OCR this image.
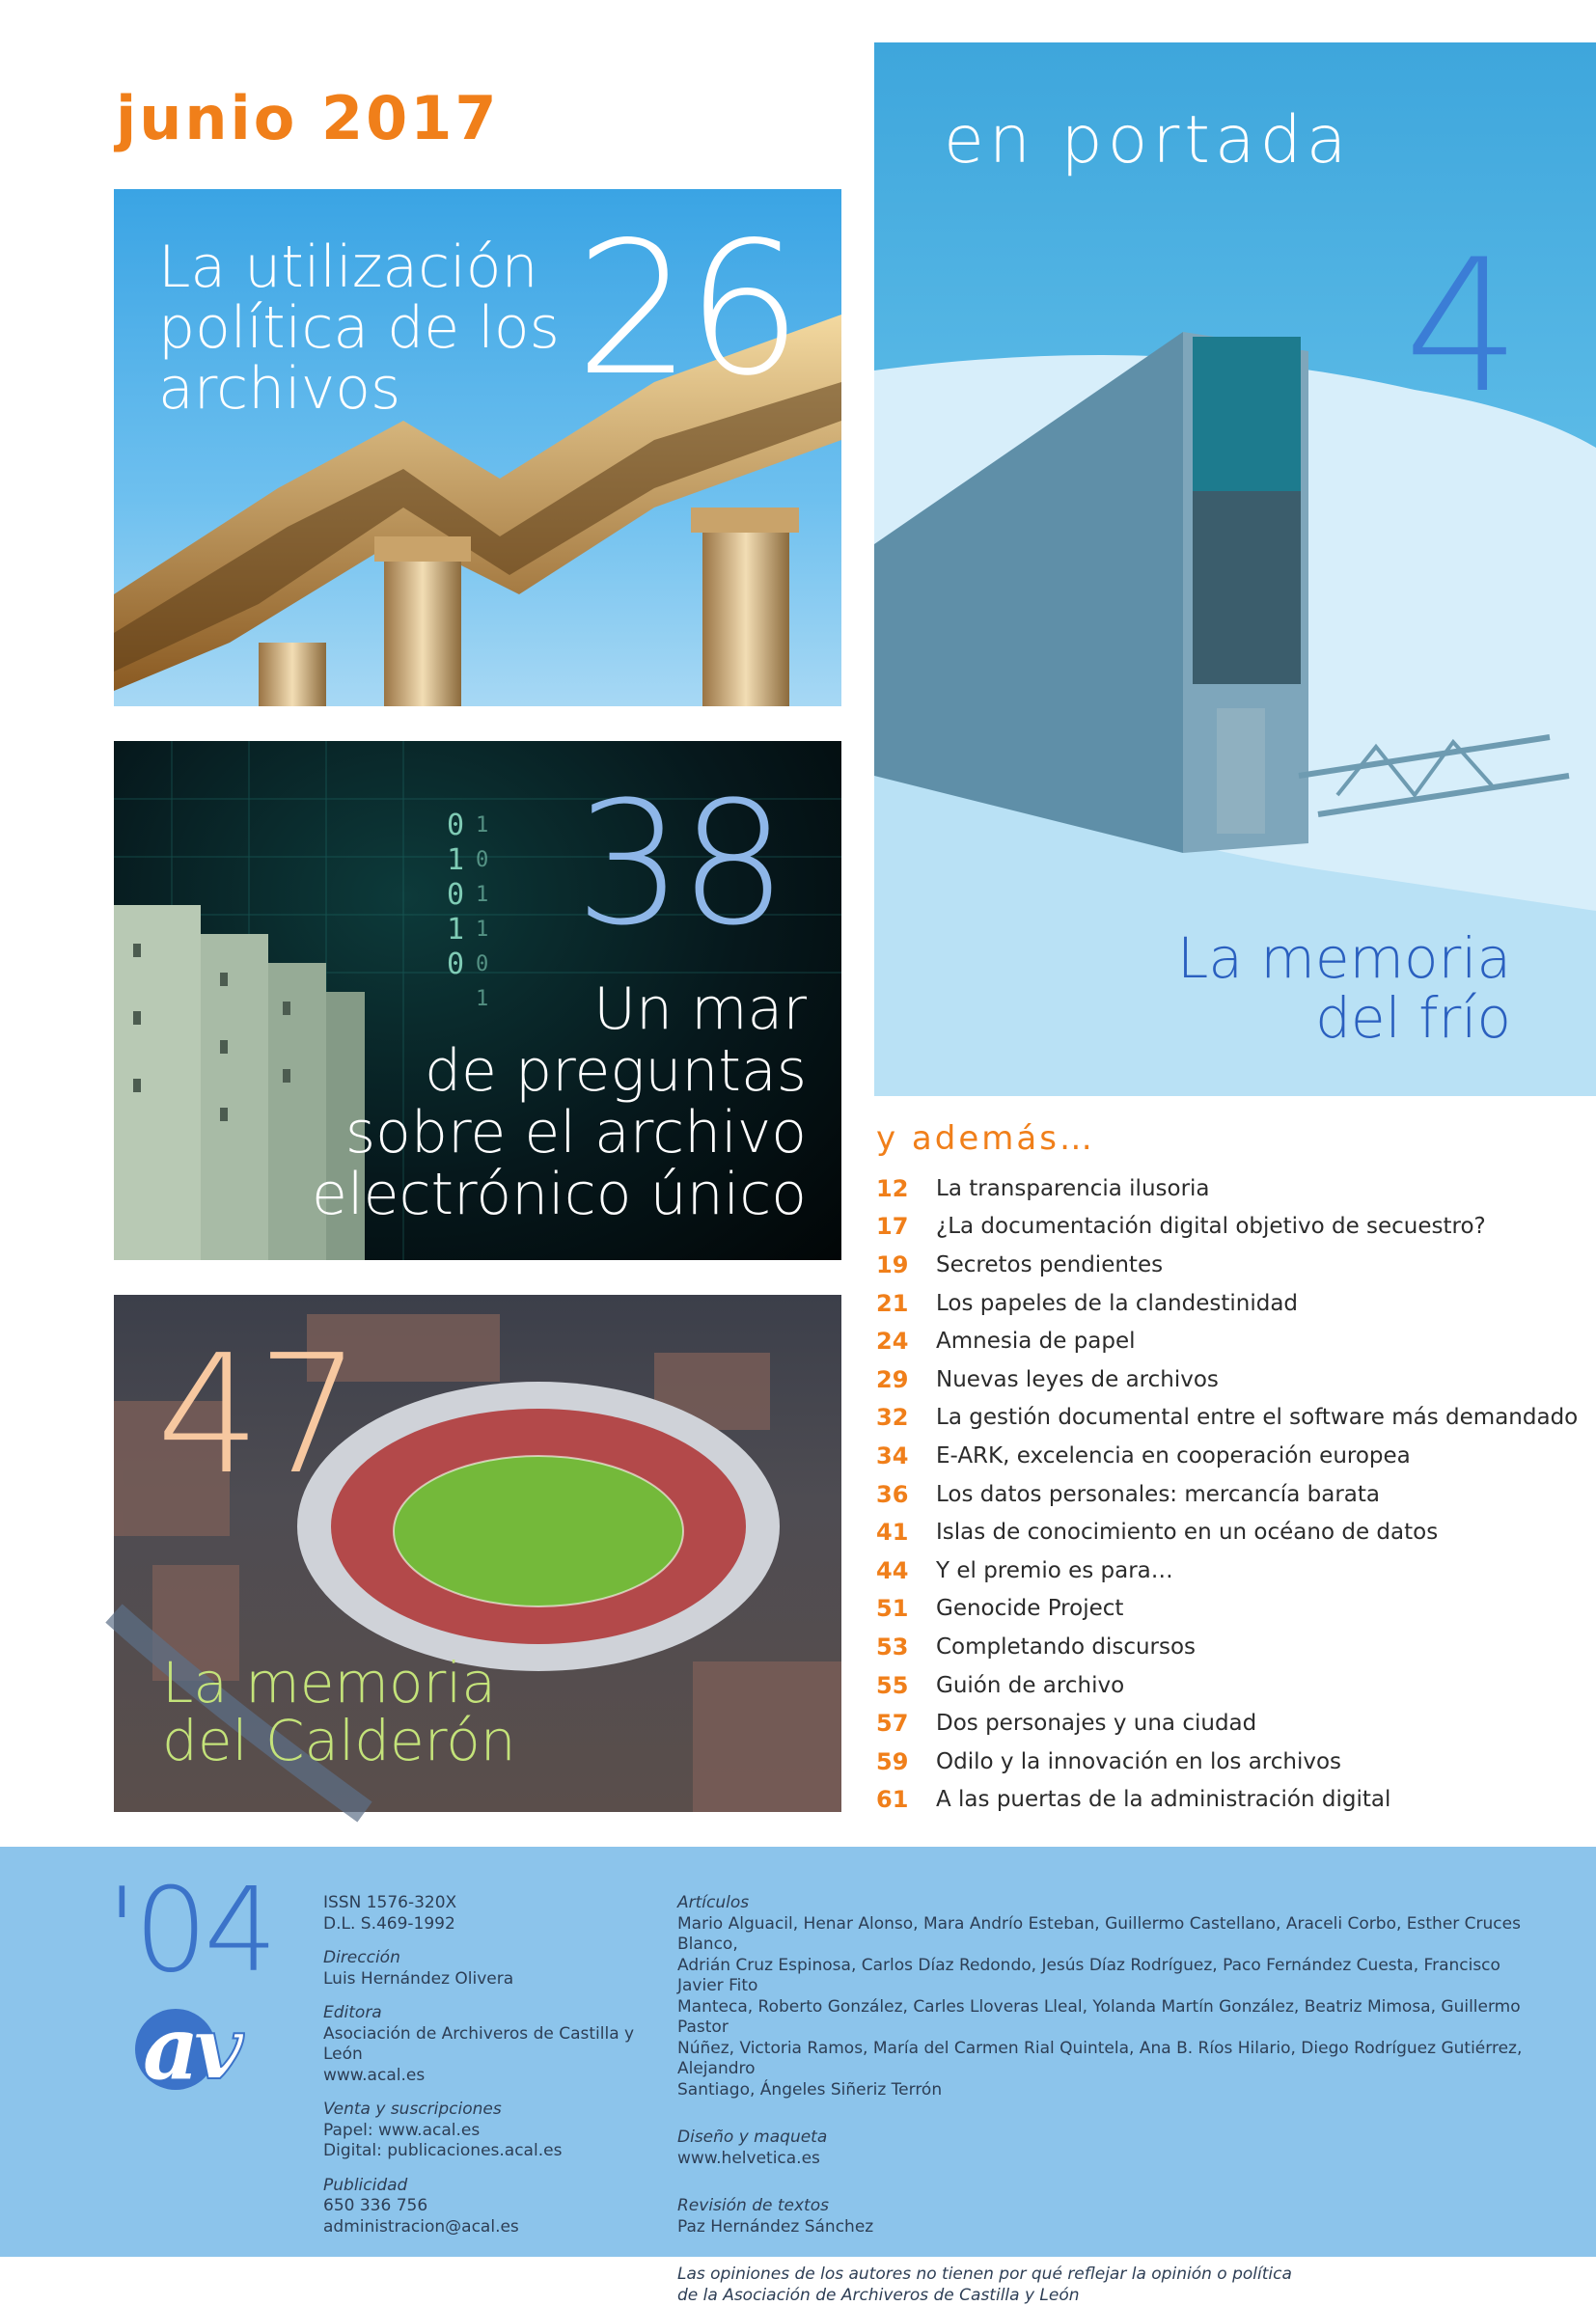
junio 2017
La utilización
política de los
archivos 26
0
1
0
1
0
1
0
1
1
0
1
38
Un mar
de preguntas
sobre el archivo
electrónico único
47
La memoria
del Calderón
en portada
4
La memoria
del frío
y además…
12	La transparencia ilusoria
17	¿La documentación digital objetivo de secuestro?
19	Secretos pendientes
21	Los papeles de la clandestinidad
24	Amnesia de papel
29	Nuevas leyes de archivos
32	La gestión documental entre el software más demandado
34	E-ARK, excelencia en cooperación europea
36	Los datos personales: mercancía barata
41	Islas de conocimiento en un océano de datos
44	Y el premio es para…
51	Genocide Project
53	Completando discursos
55	Guión de archivo
57	Dos personajes y una ciudad
59	Odilo y la innovación en los archivos
61	A las puertas de la administración digital
'04
a
v
ISSN 1576-320X
D.L. S.469-1992
Dirección
Luis Hernández Olivera
Editora
Asociación de Archiveros de Castilla y León
www.acal.es
Venta y suscripciones
Papel: www.acal.es
Digital: publicaciones.acal.es
Publicidad
650 336 756
administracion@acal.es
Artículos
Mario Alguacil, Henar Alonso, Mara Andrío Esteban, Guillermo Castellano, Araceli Corbo, Esther Cruces Blanco,
Adrián Cruz Espinosa, Carlos Díaz Redondo, Jesús Díaz Rodríguez, Paco Fernández Cuesta, Francisco Javier Fito
Manteca, Roberto González, Carles Lloveras Lleal, Yolanda Martín González, Beatriz Mimosa, Guillermo Pastor
Núñez, Victoria Ramos, María del Carmen Rial Quintela, Ana B. Ríos Hilario, Diego Rodríguez Gutiérrez, Alejandro
Santiago, Ángeles Siñeriz Terrón
Diseño y maqueta
www.helvetica.es
Revisión de textos
Paz Hernández Sánchez
Las opiniones de los autores no tienen por qué reflejar la opinión o política
de la Asociación de Archiveros de Castilla y León
